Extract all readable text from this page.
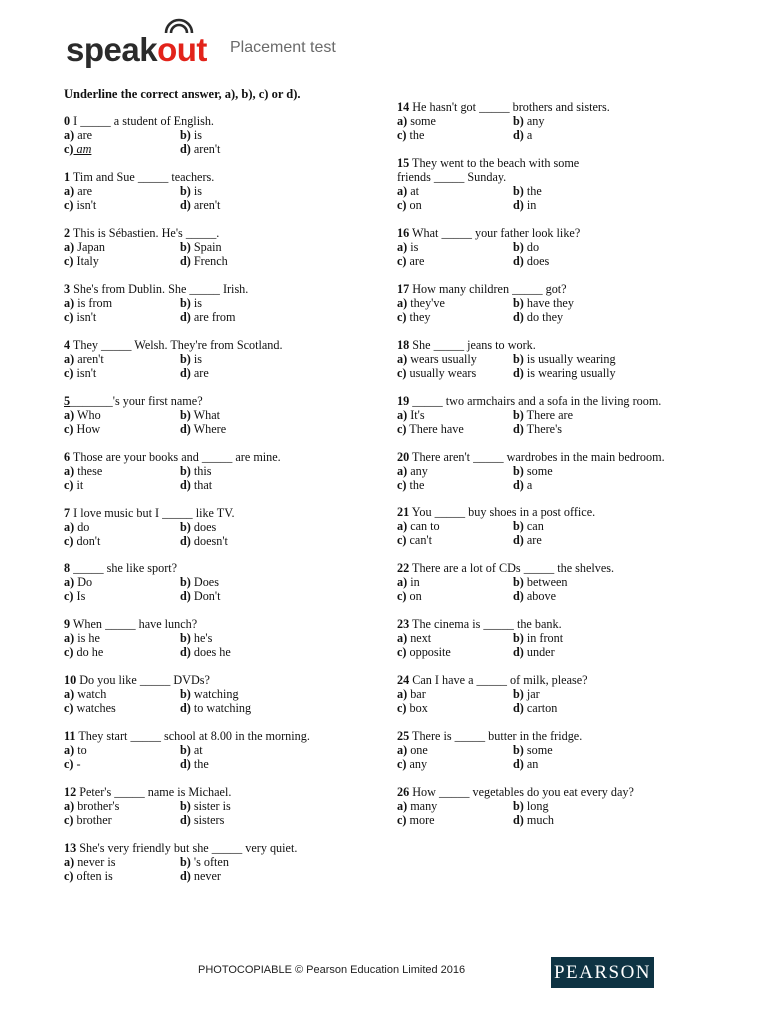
speakout Placement test
Underline the correct answer, a), b), c) or d).
0 I _____ a student of English.
a) are	b) is
c) am	d) aren't
1 Tim and Sue _____ teachers.
a) are	b) is
c) isn't	d) aren't
2 This is Sébastien. He's _____.
a) Japan	b) Spain
c) Italy	d) French
3 She's from Dublin. She _____ Irish.
a) is from	b) is
c) isn't	d) are from
4 They _____ Welsh. They're from Scotland.
a) aren't	b) is
c) isn't	d) are
5_______'s your first name?
a) Who	b) What
c) How	d) Where
6 Those are your books and _____ are mine.
a) these	b) this
c) it	d) that
7 I love music but I _____ like TV.
a) do	b) does
c) don't	d) doesn't
8 _____ she like sport?
a) Do	b) Does
c) Is	d) Don't
9 When _____ have lunch?
a) is he	b) he's
c) do he	d) does he
10 Do you like _____ DVDs?
a) watch	b) watching
c) watches	d) to watching
11 They start _____ school at 8.00 in the morning.
a) to	b) at
c) -	d) the
12 Peter's _____ name is Michael.
a) brother's	b) sister is
c) brother	d) sisters
13 She's very friendly but she _____ very quiet.
a) never is	b) 's often
c) often is	d) never
14 He hasn't got _____ brothers and sisters.
a) some	b) any
c) the	d) a
15 They went to the beach with some
friends _____ Sunday.
a) at	b) the
c) on	d) in
16 What _____ your father look like?
a) is	b) do
c) are	d) does
17 How many children _____ got?
a) they've	b) have they
c) they	d) do they
18 She _____ jeans to work.
a) wears usually	b) is usually wearing
c) usually wears	d) is wearing usually
19 _____ two armchairs and a sofa in the living room.
a) It's	b) There are
c) There have	d) There's
20 There aren't _____ wardrobes in the main bedroom.
a) any	b) some
c) the	d) a
21 You _____ buy shoes in a post office.
a) can to	b) can
c) can't	d) are
22 There are a lot of CDs _____ the shelves.
a) in	b) between
c) on	d) above
23 The cinema is _____ the bank.
a) next	b) in front
c) opposite	d) under
24 Can I have a _____ of milk, please?
a) bar	b) jar
c) box	d) carton
25 There is _____ butter in the fridge.
a) one	b) some
c) any	d) an
26 How _____ vegetables do you eat every day?
a) many	b) long
c) more	d) much
PHOTOCOPIABLE © Pearson Education Limited 2016	PEARSON
